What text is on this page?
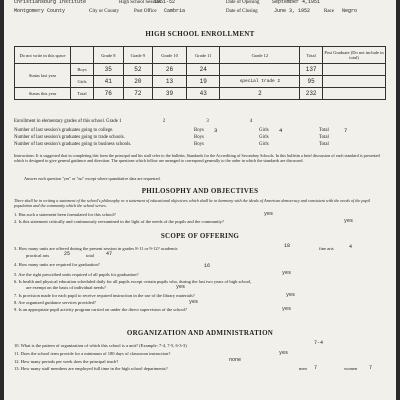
Christiansburg Institute	1951-52
High School Session	Date of Opening	September 4,1951
Montgomery County	City or County	Post Office Cambria	Date of Closing	June 3, 1952	Race Negro
HIGH SCHOOL ENROLLMENT
Do not write in this space		Grade 8	Grade 9	Grade 10	Grade 11	Grade 12	Total	Post Graduate (Do not include in total)
Status last year	Boys	35	52	26	24		137	
	Girls	41	20	13	19	special trade 2	95	
Status this year	Total	76	72	39	43	2	232	
Enrollment in elementary grades of this school. Grade 1	2	3	4
Number of last session's graduates going to college.	Boys 3	Girls 4	Total	7
Number of last session's graduates going to trade schools.	Boys	Girls	Total
Number of last session's graduates going to business schools.	Boys	Girls	Total
Instructions: It is suggested that in completing this form the principal and his staff refer to the bulletin, Standards for the Accrediting of Secondary Schools. In this bulletin a brief discussion of each standard is presented which is designed to give general guidance and direction. The questions which follow are arranged to correspond generally to the order in which the standards are discussed.
Answer each question "yes" or "no" except where quantitative data are requested.
PHILOSOPHY AND OBJECTIVES
There shall be in writing a statement of the school's philosophy or a statement of educational objectives which shall be in harmony with the ideals of American democracy and consistent with the needs of the pupil population and the community which the school serves.
1. Has such a statement been formulated for this school?	yes
2. Is this statement critically and continuously reexamined in the light of the needs of the pupils and the community?	yes
SCOPE OF OFFERING
3. How many units are offered during the present session in grades 8-11 or 9-12? academic	18	fine arts	4
practical arts	25	total 47
4. How many units are required for graduation?	16
5. Are the right prescribed units required of all pupils for graduation?	yes
6. Is health and physical education scheduled daily for all pupils except certain pupils who, during the last two years of high school,
are exempt on the basis of individual needs?	yes
7. Is provision made for each pupil to receive required instruction in the use of the library materials?	yes
8. Are organized guidance services provided?	yes
9. Is an appropriate pupil activity program carried on under the direct supervision of the school?	yes
ORGANIZATION AND ADMINISTRATION
10. What is the pattern of organization of which this school is a unit? (Example: 7-4, 7-5, 6-3-3)	7-4
11. Does the school term provide for a minimum of 180 days of classroom instruction?	yes
12. How many periods per week does the principal teach?	none
13. How many staff members are employed full time in the high school departments?	men 7	women 7
